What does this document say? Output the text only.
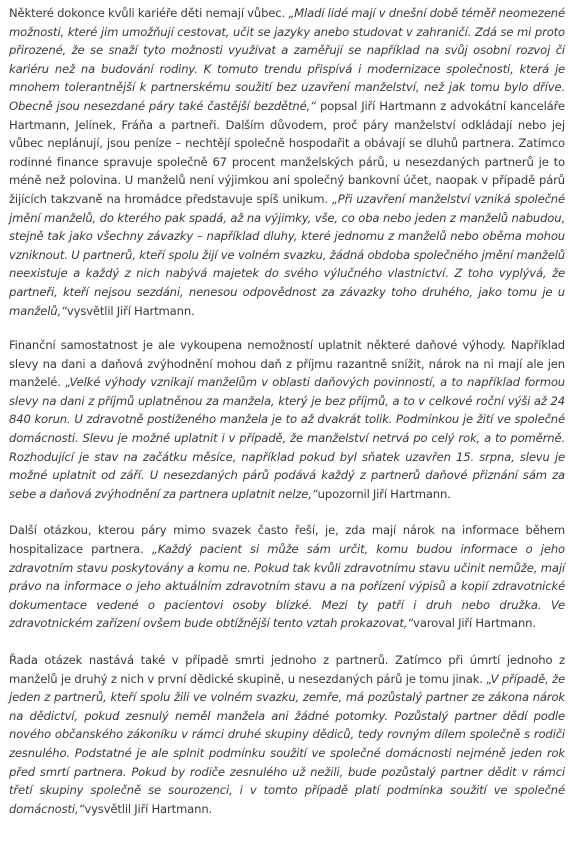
Některé dokonce kvůli kariéře děti nemají vůbec. „Mladí lidé mají v dnešní době téměř neomezené možnosti, které jim umožňují cestovat, učit se jazyky anebo studovat v zahraničí. Zdá se mi proto přirozené, že se snaží tyto možnosti využívat a zaměřují se například na svůj osobní rozvoj či kariéru než na budování rodiny. K tomuto trendu přispívá i modernizace společnosti, která je mnohem tolerantnější k partnerskému soužití bez uzavření manželství, než jak tomu bylo dříve. Obecně jsou nesezdané páry také častější bezdětné,“ popsal Jiří Hartmann z advokátní kanceláře Hartmann, Jelínek, Fráňa a partneři. Dalším důvodem, proč páry manželství odkládají nebo jej vůbec neplánují, jsou peníze – nechtějí společně hospodařit a obávají se dluhů partnera. Zatímco rodinné finance spravuje společně 67 procent manželských párů, u nesezdaných partnerů je to méně než polovina. U manželů není výjimkou ani společný bankovní účet, naopak v případě párů žijících takzvaně na hromádce představuje spíš unikum. „Při uzavření manželství vzniká společné jmění manželů, do kterého pak spadá, až na výjimky, vše, co oba nebo jeden z manželů nabudou, stejně tak jako všechny závazky – například dluhy, které jednomu z manželů nebo oběma mohou vzniknout. U partnerů, kteří spolu žijí ve volném svazku, žádná obdoba společného jmění manželů neexistuje a každý z nich nabývá majetek do svého výlučného vlastnictví. Z toho vyplývá, že partneři, kteří nejsou sezdáni, nenesou odpovědnost za závazky toho druhého, jako tomu je u manželů,“vysvětlil Jiří Hartmann.

Finanční samostatnost je ale vykoupena nemožností uplatnit některé daňové výhody. Například slevy na dani a daňová zvýhodnění mohou daň z příjmu razantně snížit, nárok na ni mají ale jen manželé. „Velké výhody vznikají manželům v oblasti daňových povinností, a to například formou slevy na dani z příjmů uplatněnou za manžela, který je bez příjmů, a to v celkové roční výši až 24 840 korun. U zdravotně postiženého manžela je to až dvakrát tolik. Podmínkou je žití ve společné domácnosti. Slevu je možné uplatnit i v případě, že manželství netrvá po celý rok, a to poměrně. Rozhodující je stav na začátku měsíce, například pokud byl sňatek uzavřen 15. srpna, slevu je možné uplatnit od září. U nesezdaných párů podává každý z partnerů daňové přiznání sám za sebe a daňová zvýhodnění za partnera uplatnit nelze,“upozornil Jiří Hartmann.

Další otázkou, kterou páry mimo svazek často řeší, je, zda mají nárok na informace během hospitalizace partnera. „Každý pacient si může sám určit, komu budou informace o jeho zdravotním stavu poskytovány a komu ne. Pokud tak kvůli zdravotnímu stavu učinit nemůže, mají právo na informace o jeho aktuálním zdravotním stavu a na pořízení výpisů a kopií zdravotnické dokumentace vedené o pacientovi osoby blízké. Mezi ty patří i druh nebo družka. Ve zdravotnickém zařízení ovšem bude obtížnější tento vztah prokazovat,“varoval Jiří Hartmann.

Řada otázek nastává také v případě smrti jednoho z partnerů. Zatímco při úmrtí jednoho z manželů je druhý z nich v první dědické skupině, u nesezdaných párů je tomu jinak. „V případě, že jeden z partnerů, kteří spolu žili ve volném svazku, zemře, má pozůstalý partner ze zákona nárok na dědictví, pokud zesnulý neměl manžela ani žádné potomky. Pozůstalý partner dědí podle nového občanského zákoníku v rámci druhé skupiny dědiců, tedy rovným dílem společně s rodiči zesnulého. Podstatné je ale splnit podmínku soužití ve společné domácnosti nejméně jeden rok před smrtí partnera. Pokud by rodiče zesnulého už nežili, bude pozůstalý partner dědit v rámci třetí skupiny společně se sourozenci, i v tomto případě platí podmínka soužití ve společné domácnosti,“vysvětlil Jiří Hartmann.
